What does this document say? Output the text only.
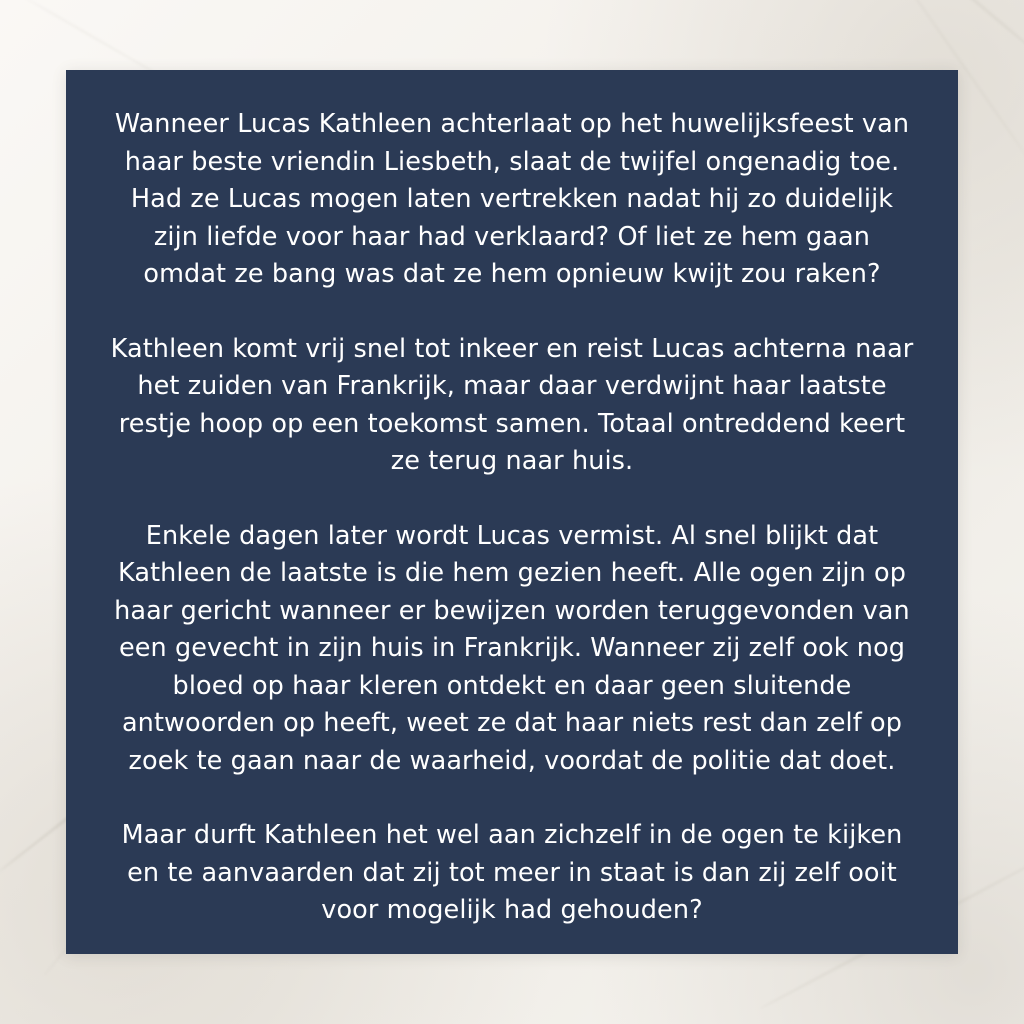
Wanneer Lucas Kathleen achterlaat op het huwelijksfeest van haar beste vriendin Liesbeth, slaat de twijfel ongenadig toe. Had ze Lucas mogen laten vertrekken nadat hij zo duidelijk zijn liefde voor haar had verklaard? Of liet ze hem gaan omdat ze bang was dat ze hem opnieuw kwijt zou raken?

Kathleen komt vrij snel tot inkeer en reist Lucas achterna naar het zuiden van Frankrijk, maar daar verdwijnt haar laatste restje hoop op een toekomst samen. Totaal ontreddend keert ze terug naar huis.

Enkele dagen later wordt Lucas vermist. Al snel blijkt dat Kathleen de laatste is die hem gezien heeft. Alle ogen zijn op haar gericht wanneer er bewijzen worden teruggevonden van een gevecht in zijn huis in Frankrijk. Wanneer zij zelf ook nog bloed op haar kleren ontdekt en daar geen sluitende antwoorden op heeft, weet ze dat haar niets rest dan zelf op zoek te gaan naar de waarheid, voordat de politie dat doet.

Maar durft Kathleen het wel aan zichzelf in de ogen te kijken en te aanvaarden dat zij tot meer in staat is dan zij zelf ooit voor mogelijk had gehouden?
